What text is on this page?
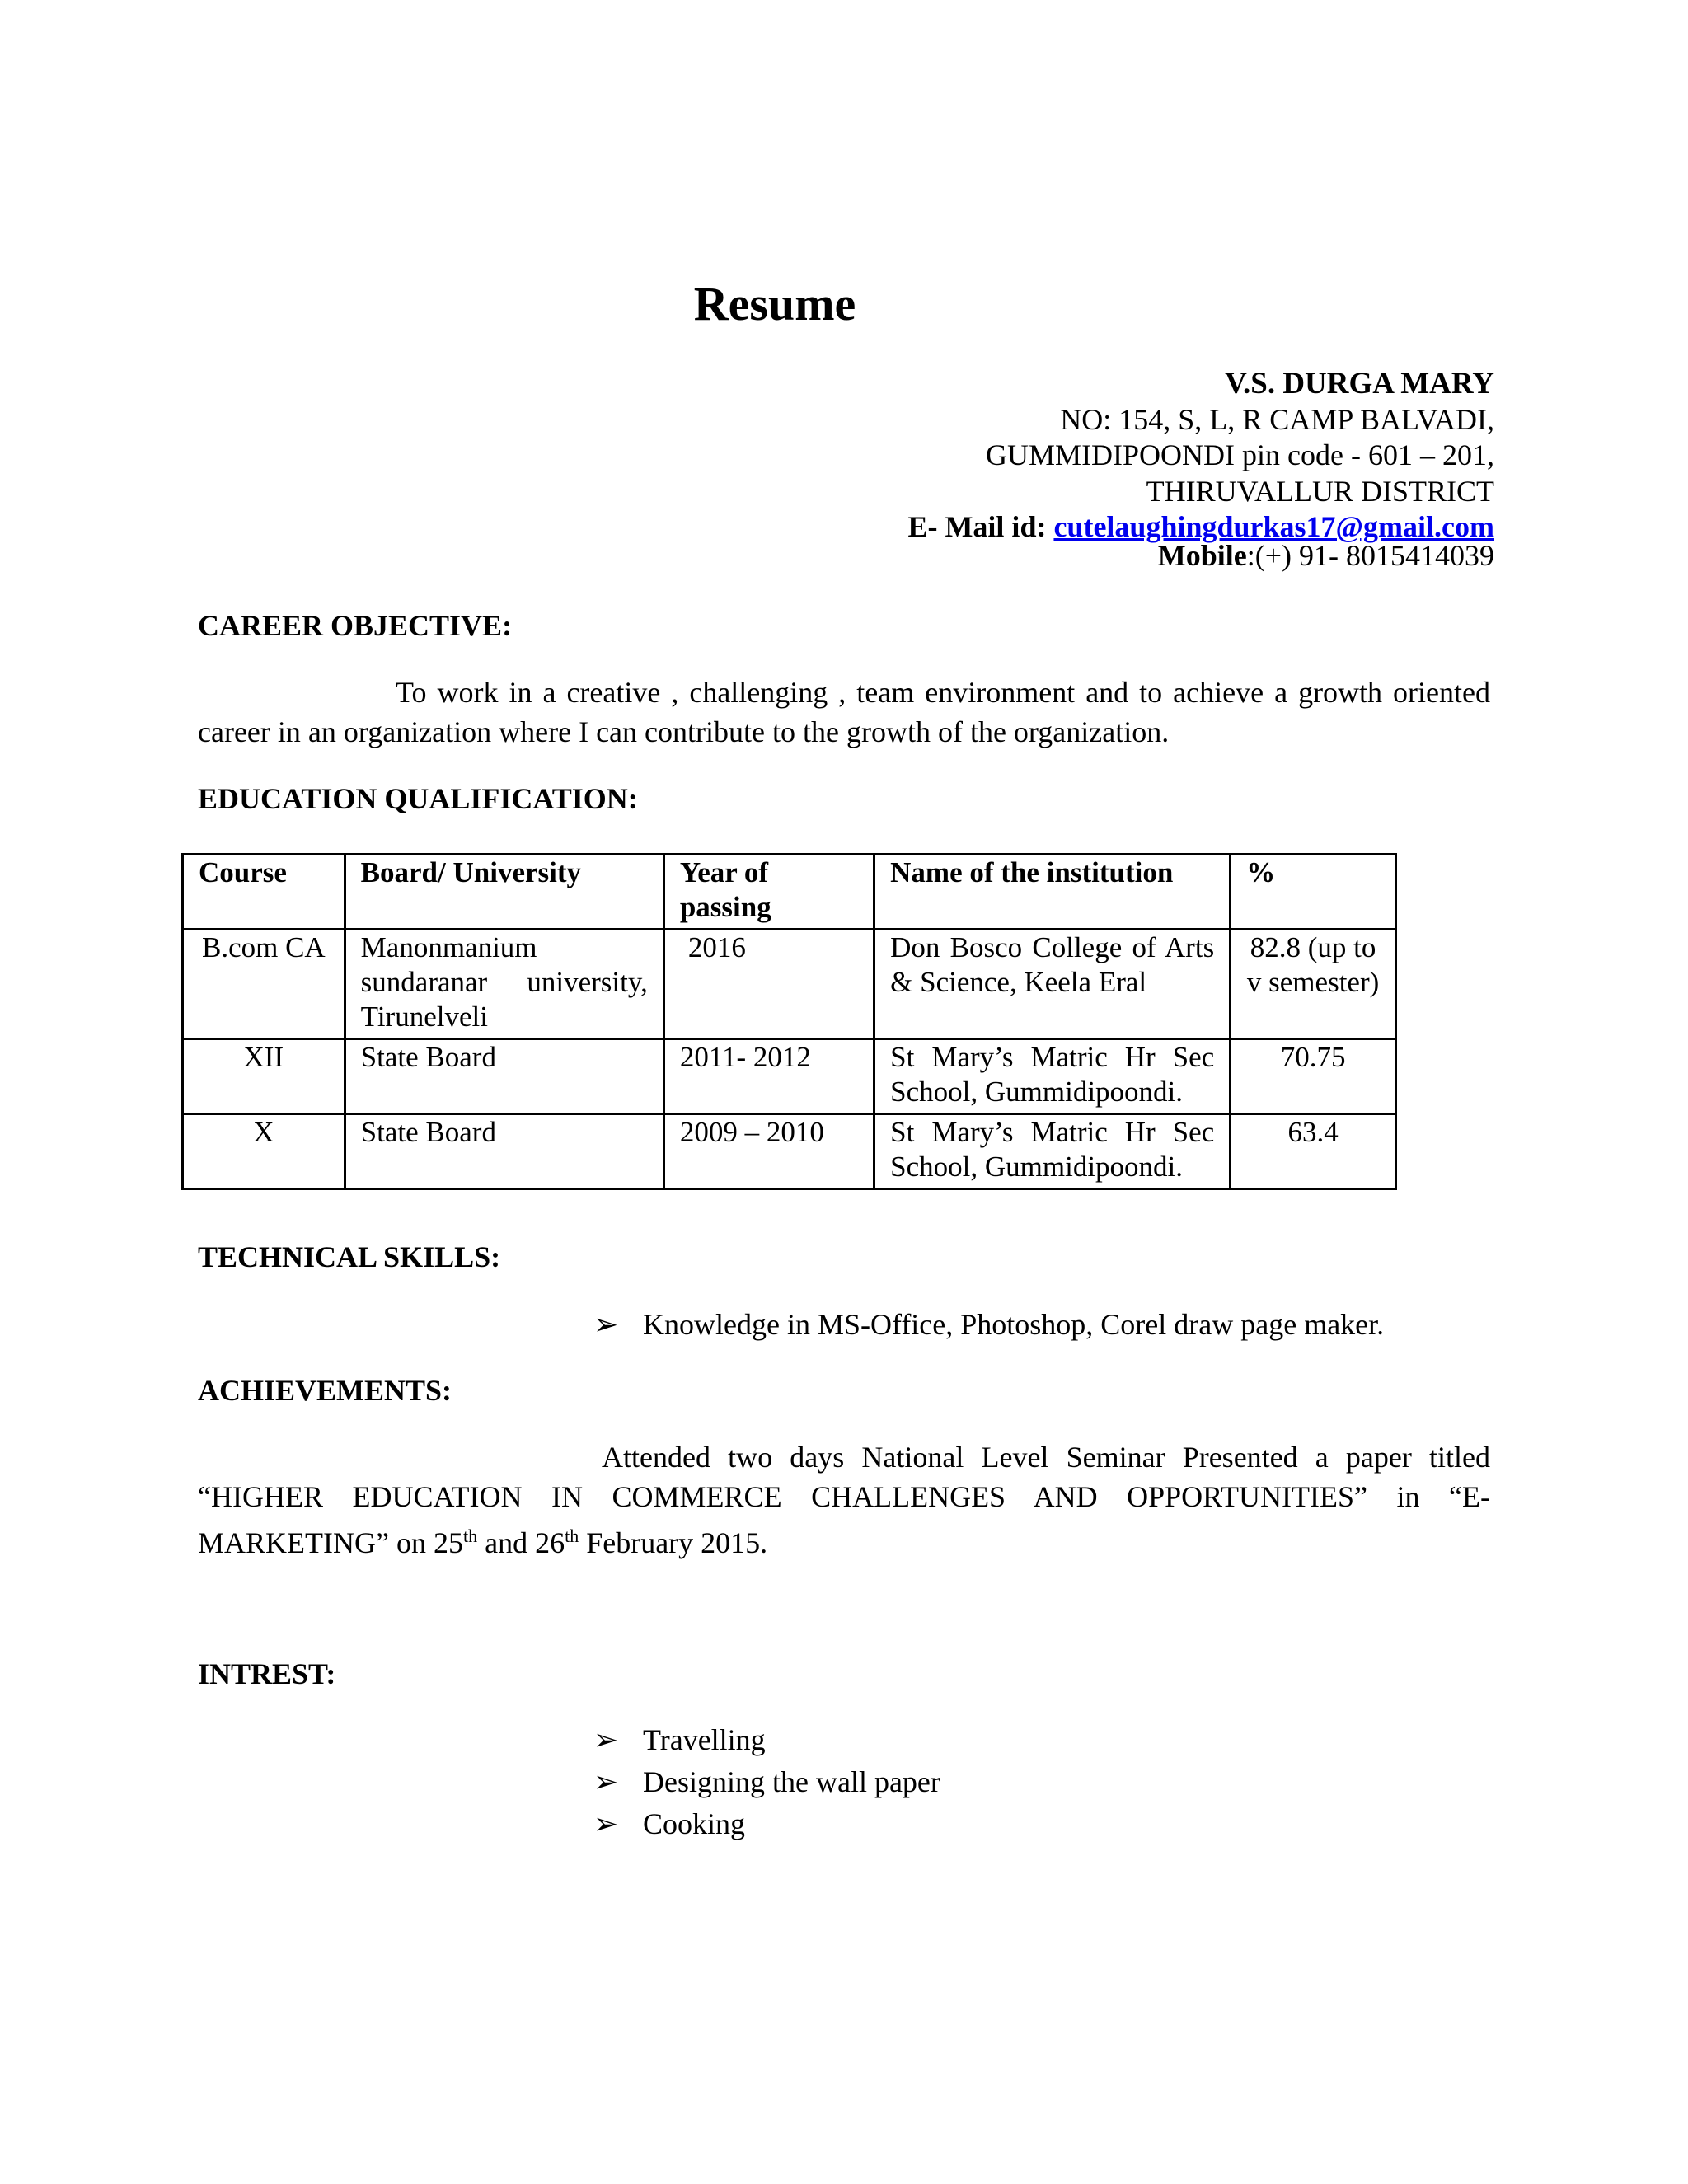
Resume
V.S. DURGA MARY
NO: 154, S, L, R CAMP BALVADI,
GUMMIDIPOONDI pin code - 601 – 201,
THIRUVALLUR DISTRICT
E- Mail id: cutelaughingdurkas17@gmail.com
Mobile:(+) 91- 8015414039
CAREER OBJECTIVE:

To work in a creative , challenging , team environment and to achieve a growth oriented career in an organization where I can contribute to the growth of the organization.

EDUCATION QUALIFICATION:
Course	Board/ University	Year of passing	Name of the institution	%
B.com CA	Manonmanium sundaranar university, Tirunelveli	2016	Don Bosco College of Arts & Science, Keela Eral	82.8 (up to v semester)
XII	State Board	2011- 2012	St Mary’s Matric Hr Sec School, Gummidipoondi.	70.75
X	State Board	2009 – 2010	St Mary’s Matric Hr Sec School, Gummidipoondi.	63.4
TECHNICAL SKILLS:
➢ Knowledge in MS-Office, Photoshop, Corel draw page maker.
ACHIEVEMENTS:

Attended two days National Level Seminar Presented a paper titled “HIGHER EDUCATION IN COMMERCE CHALLENGES AND OPPORTUNITIES” in “E- MARKETING” on 25th and 26th February 2015.

INTREST:
➢ Travelling
➢ Designing the wall paper
➢ Cooking
